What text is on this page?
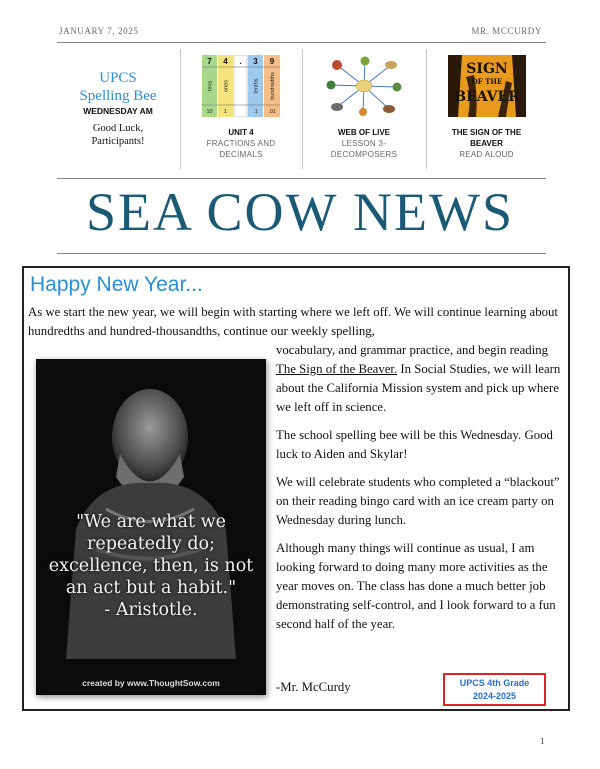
JANUARY 7, 2025	MR. MCCURDY
UPCS
Spelling Bee
WEDNESDAY AM
Good Luck,
Participants!
7 4 . 3 9
tens ones	tenths hundredths
10 1	.1 .01
UNIT 4
FRACTIONS AND
DECIMALS
WEB OF LIVE
LESSON 3-
DECOMPOSERS
SIGN
OF THE
BEAVER
THE SIGN OF THE
BEAVER
READ ALOUD
SEA COW NEWS
Happy New Year...
As we start the new year, we will begin with starting where we left off. We will continue learning about hundredths and hundred-thousandths, continue our weekly spelling,
"We are what we
repeatedly do;
excellence, then, is not
an act but a habit."
- Aristotle.
created by www.ThoughtSow.com

vocabulary, and grammar practice, and begin reading The Sign of the Beaver. In Social Studies, we will learn about the California Mission system and pick up where we left off in science.

The school spelling bee will be this Wednesday. Good luck to Aiden and Skylar!

We will celebrate students who completed a “blackout” on their reading bingo card with an ice cream party on Wednesday during lunch.

Although many things will continue as usual, I am looking forward to doing many more activities as the year moves on. The class has done a much better job demonstrating self-control, and I look forward to a fun second half of the year.

-Mr. McCurdy	UPCS 4th Grade
2024-2025
1
